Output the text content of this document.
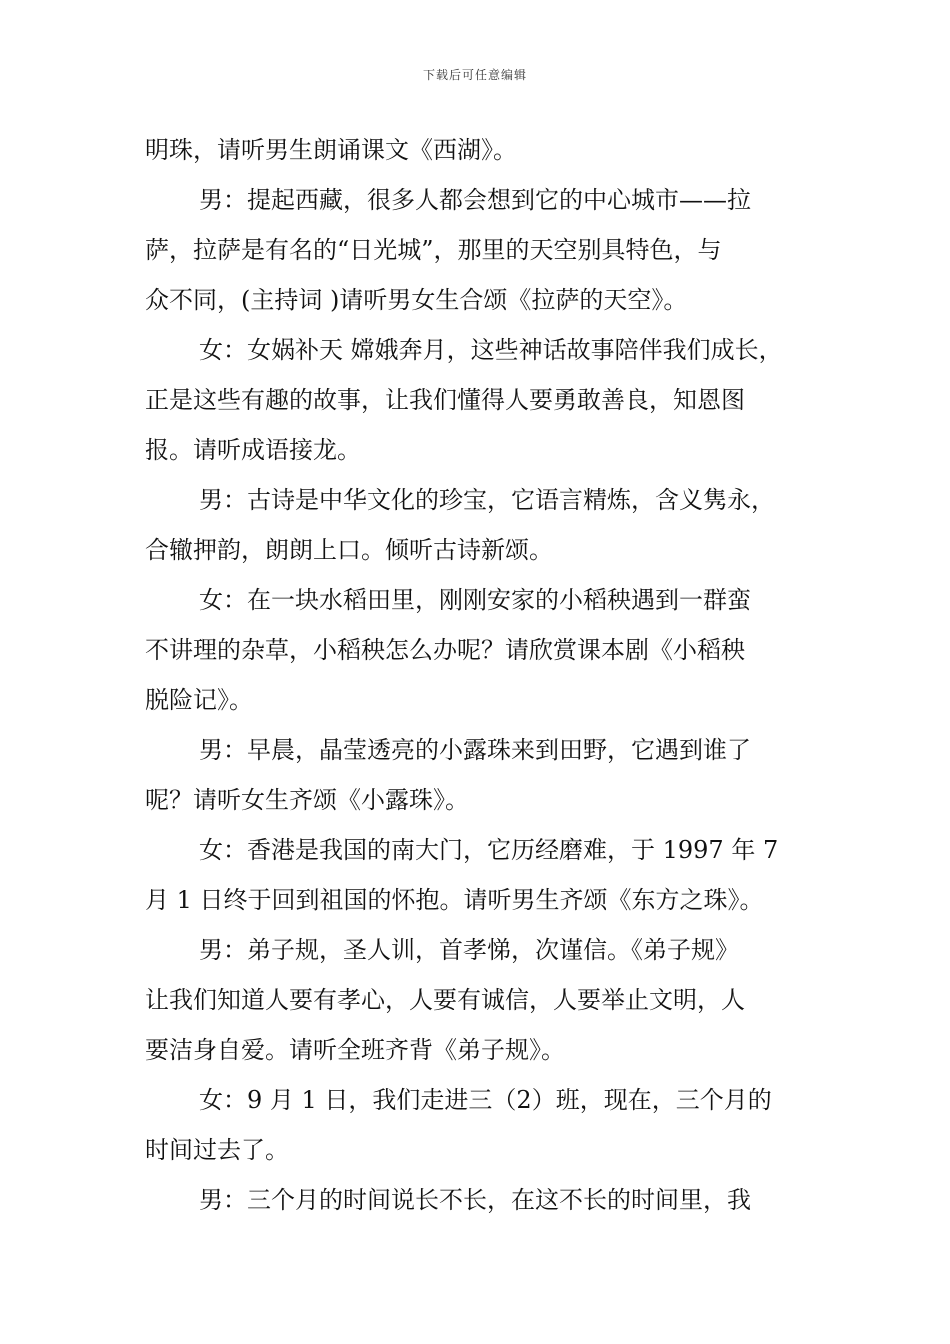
下载后可任意编辑
明珠，请听男生朗诵课文《西湖》。
男：提起西藏，很多人都会想到它的中心城市——拉
萨，拉萨是有名的“日光城”，那里的天空别具特色，与
众不同，(主持词 )请听男女生合颂《拉萨的天空》。
女：女娲补天 嫦娥奔月，这些神话故事陪伴我们成长，
正是这些有趣的故事，让我们懂得人要勇敢善良，知恩图
报。请听成语接龙。
男：古诗是中华文化的珍宝，它语言精炼，含义隽永，
合辙押韵，朗朗上口。倾听古诗新颂。
女：在一块水稻田里，刚刚安家的小稻秧遇到一群蛮
不讲理的杂草，小稻秧怎么办呢？请欣赏课本剧《小稻秧
脱险记》。
男：早晨，晶莹透亮的小露珠来到田野，它遇到谁了
呢？请听女生齐颂《小露珠》。
女：香港是我国的南大门，它历经磨难，于 1997 年 7
月 1 日终于回到祖国的怀抱。请听男生齐颂《东方之珠》。
男：弟子规，圣人训，首孝悌，次谨信。《弟子规》
让我们知道人要有孝心，人要有诚信，人要举止文明，人
要洁身自爱。请听全班齐背《弟子规》。
女：9 月 1 日，我们走进三（2）班，现在，三个月的
时间过去了。
男：三个月的时间说长不长，在这不长的时间里，我
